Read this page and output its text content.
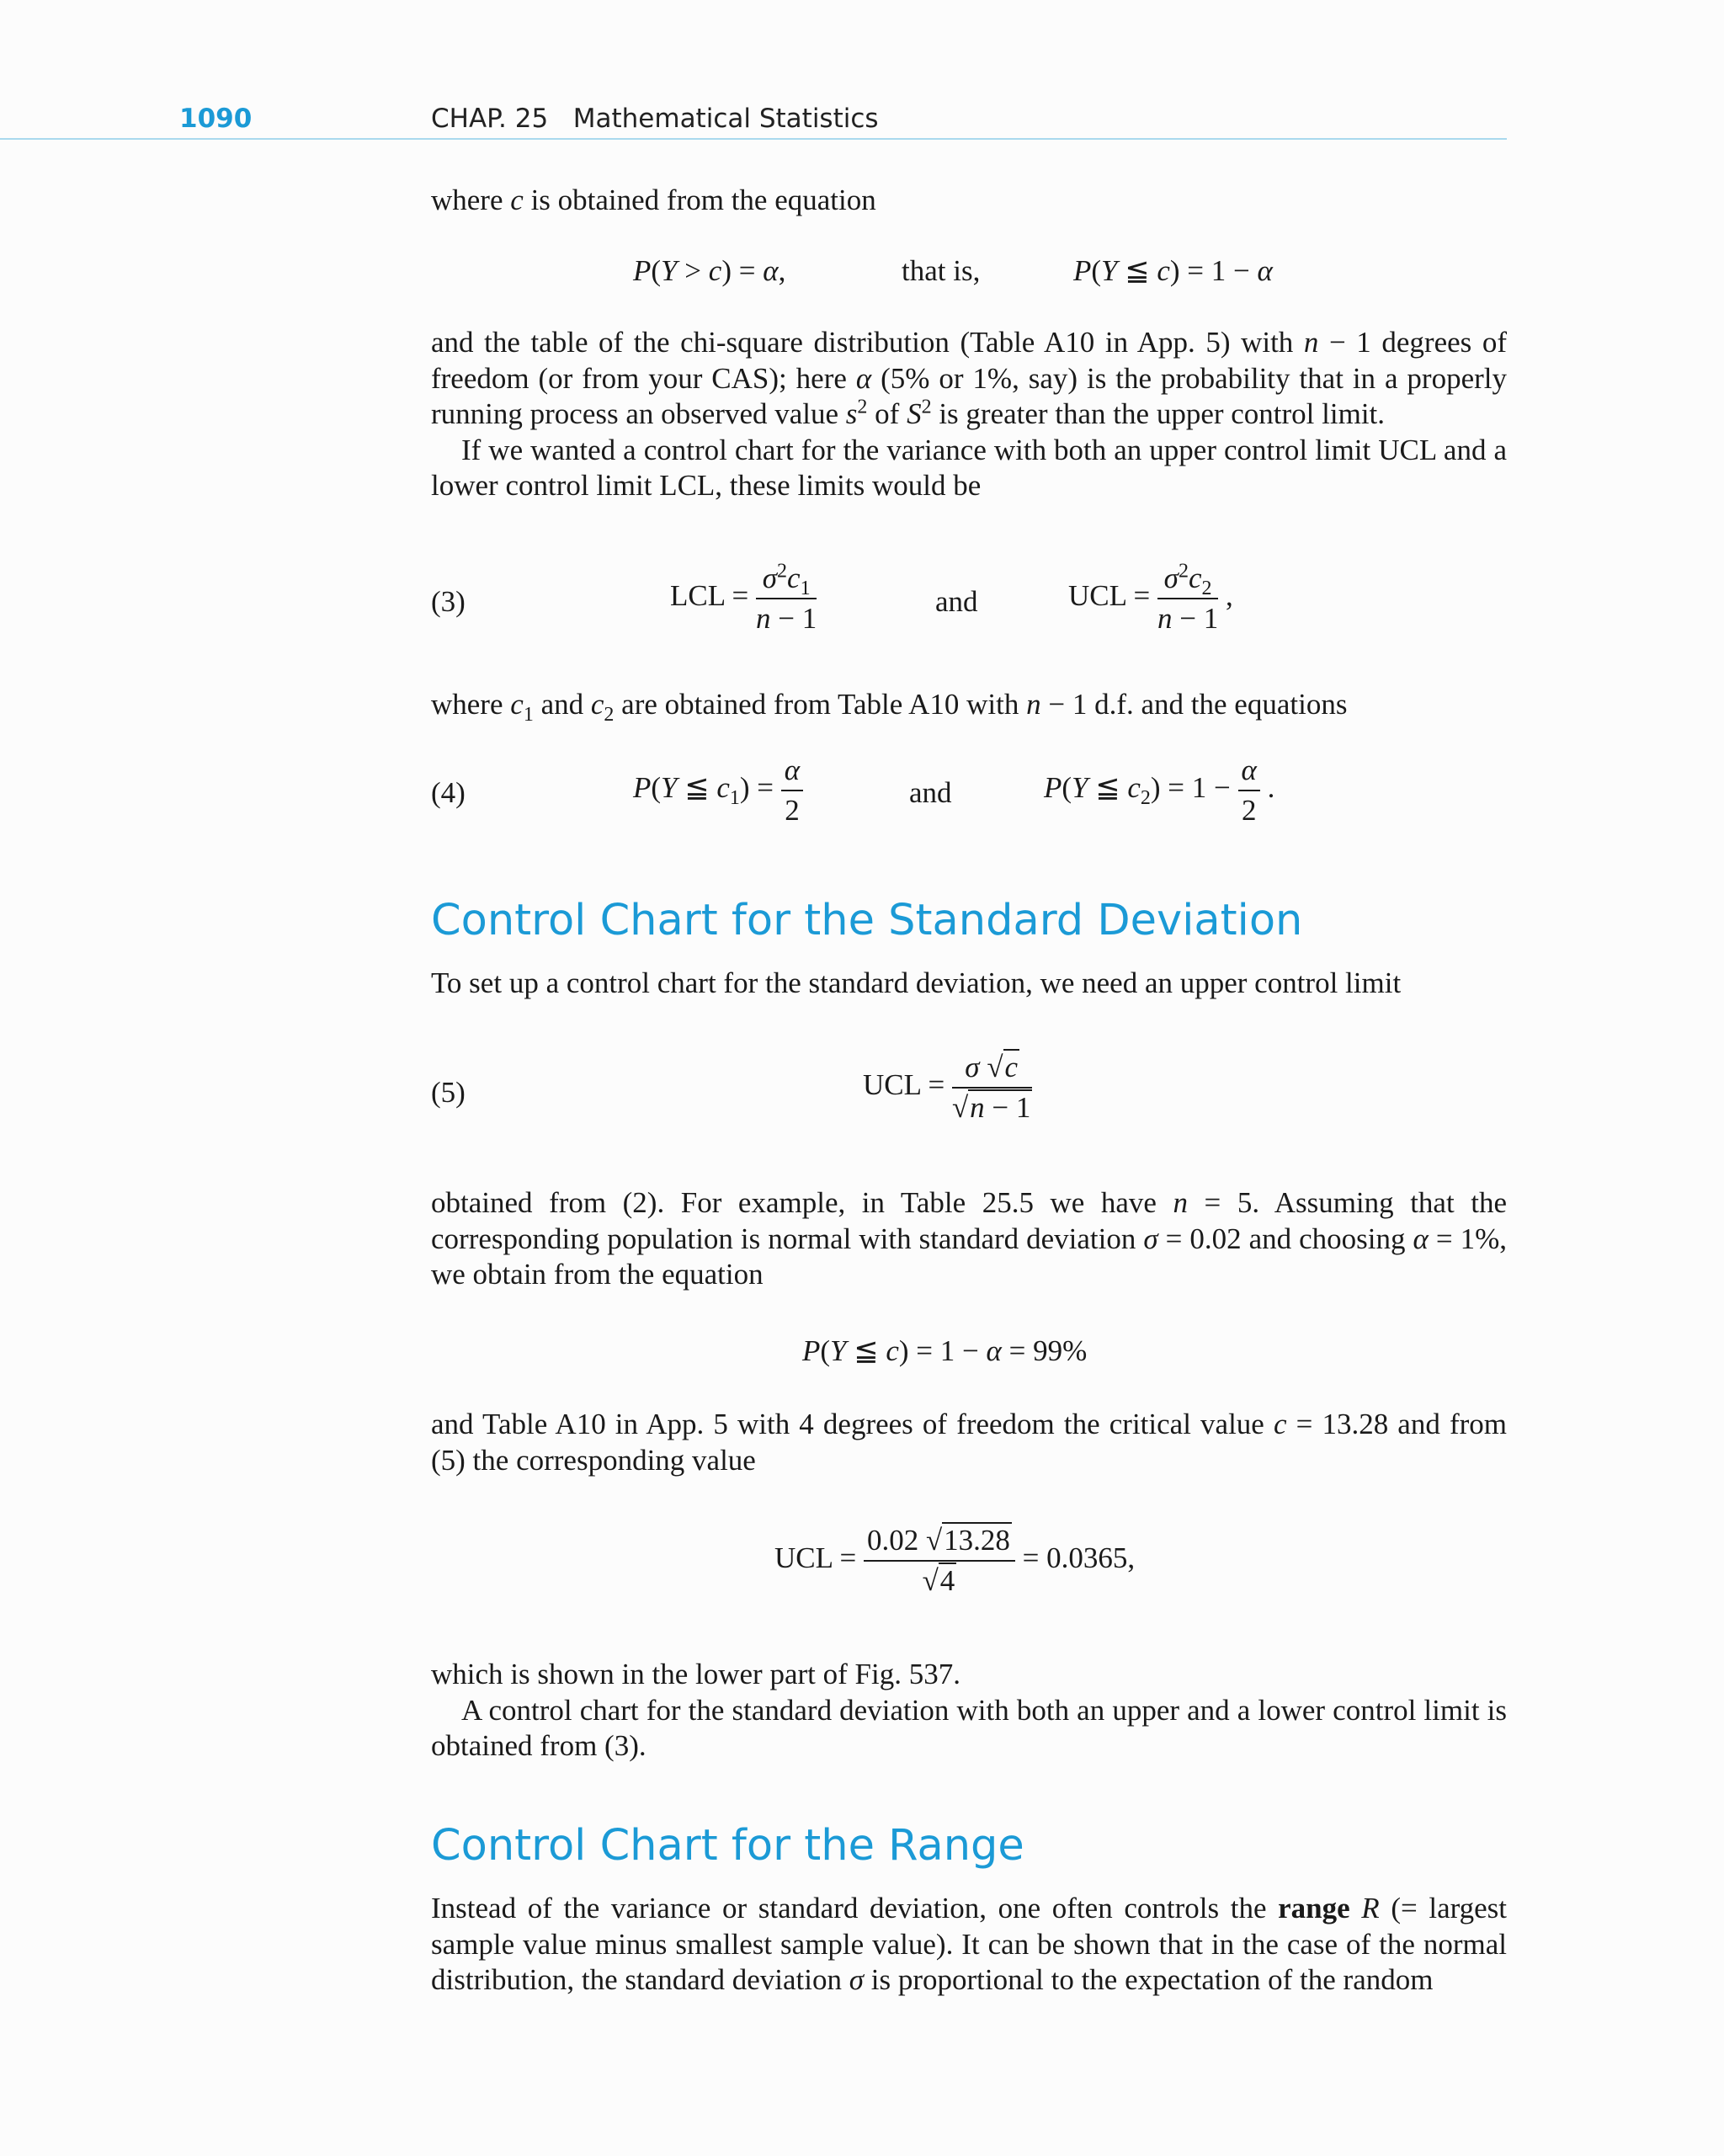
1090	CHAP. 25 Mathematical Statistics

where c is obtained from the equation

P(Y > c) = α,	that is,	P(Y ≦ c) = 1 − α

and the table of the chi-square distribution (Table A10 in App. 5) with n − 1 degrees of freedom (or from your CAS); here α (5% or 1%, say) is the probability that in a properly running process an observed value $s^2$ of $S^2$ is greater than the upper control limit.

If we wanted a control chart for the variance with both an upper control limit UCL and a lower control limit LCL, these limits would be

(3)	LCL = $\frac{\sigma^2c_1}{n - 1}$	and	UCL = $\frac{\sigma^2c_2}{n - 1}$ ,

where $c_1$ and $c_2$ are obtained from Table A10 with n − 1 d.f. and the equations

(4)	P(Y ≦ $c_1) = \frac{\alpha}{2}$	and	P(Y ≦ $c_2) = 1 - \frac{\alpha}{2}$ .
Control Chart for the Standard Deviation

To set up a control chart for the standard deviation, we need an upper control limit

(5)	UCL = $\frac{\sigma √c}{√n - 1}$

obtained from (2). For example, in Table 25.5 we have n = 5. Assuming that the corresponding population is normal with standard deviation σ = 0.02 and choosing α = 1%, we obtain from the equation

P(Y ≦ c) = 1 − α = 99%

and Table A10 in App. 5 with 4 degrees of freedom the critical value c = 13.28 and from (5) the corresponding value

UCL = $\frac{0.02 √13.28}{√4} = 0.0365$,

which is shown in the lower part of Fig. 537.

A control chart for the standard deviation with both an upper and a lower control limit is obtained from (3).

Control Chart for the Range

Instead of the variance or standard deviation, one often controls the range R (= largest sample value minus smallest sample value). It can be shown that in the case of the normal distribution, the standard deviation σ is proportional to the expectation of the random
